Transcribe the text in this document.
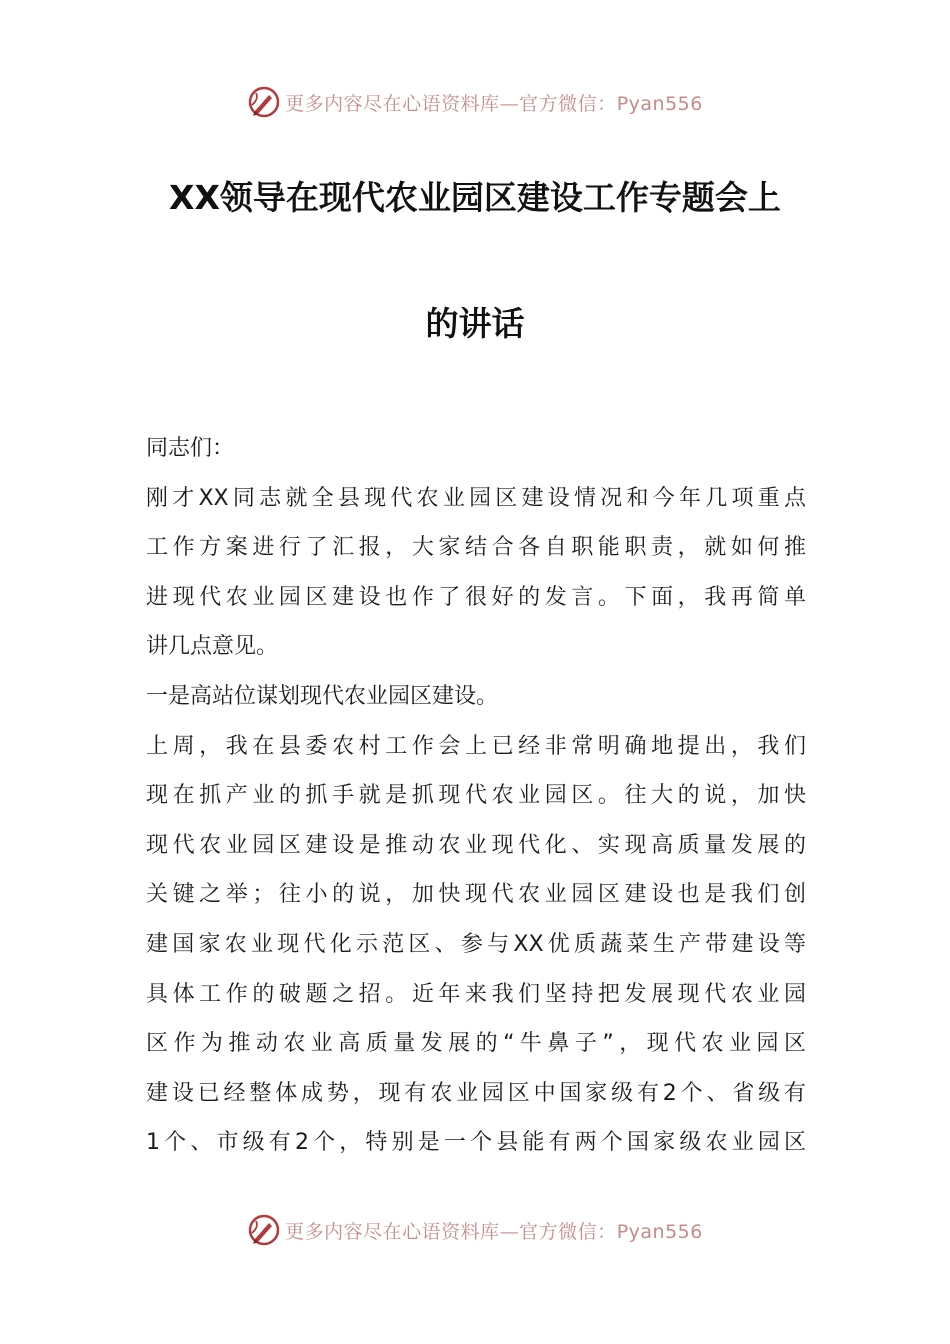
更多内容尽在心语资料库—官方微信：Pyan556
XX领导在现代农业园区建设工作专题会上
的讲话
同志们：
刚才XX同志就全县现代农业园区建设情况和今年几项重点
工作方案进行了汇报，大家结合各自职能职责，就如何推
进现代农业园区建设也作了很好的发言。下面，我再简单
讲几点意见。
一是高站位谋划现代农业园区建设。
上周，我在县委农村工作会上已经非常明确地提出，我们
现在抓产业的抓手就是抓现代农业园区。往大的说，加快
现代农业园区建设是推动农业现代化、实现高质量发展的
关键之举；往小的说，加快现代农业园区建设也是我们创
建国家农业现代化示范区、参与XX优质蔬菜生产带建设等
具体工作的破题之招。近年来我们坚持把发展现代农业园
区作为推动农业高质量发展的“牛鼻子”，现代农业园区
建设已经整体成势，现有农业园区中国家级有2个、省级有
1个、市级有2个，特别是一个县能有两个国家级农业园区
更多内容尽在心语资料库—官方微信：Pyan556
